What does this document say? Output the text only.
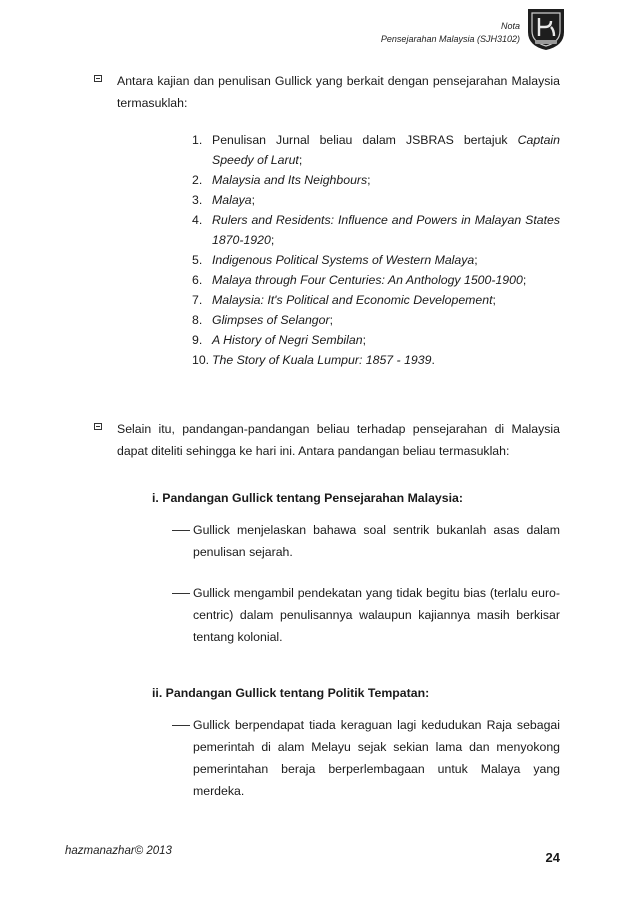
Nota
Pensejarahan Malaysia (SJH3102)
Antara kajian dan penulisan Gullick yang berkait dengan pensejarahan Malaysia termasuklah:
1. Penulisan Jurnal beliau dalam JSBRAS bertajuk Captain Speedy of Larut;
2. Malaysia and Its Neighbours;
3. Malaya;
4. Rulers and Residents: Influence and Powers in Malayan States 1870-1920;
5. Indigenous Political Systems of Western Malaya;
6. Malaya through Four Centuries: An Anthology 1500-1900;
7. Malaysia: It's Political and Economic Developement;
8. Glimpses of Selangor;
9. A History of Negri Sembilan;
10. The Story of Kuala Lumpur: 1857 - 1939.
Selain itu, pandangan-pandangan beliau terhadap pensejarahan di Malaysia dapat diteliti sehingga ke hari ini. Antara pandangan beliau termasuklah:
i. Pandangan Gullick tentang Pensejarahan Malaysia:
Gullick menjelaskan bahawa soal sentrik bukanlah asas dalam penulisan sejarah.
Gullick mengambil pendekatan yang tidak begitu bias (terlalu euro-centric) dalam penulisannya walaupun kajiannya masih berkisar tentang kolonial.
ii. Pandangan Gullick tentang Politik Tempatan:
Gullick berpendapat tiada keraguan lagi kedudukan Raja sebagai pemerintah di alam Melayu sejak sekian lama dan menyokong pemerintahan beraja berperlembagaan untuk Malaya yang merdeka.
hazmanazhar© 2013	24
